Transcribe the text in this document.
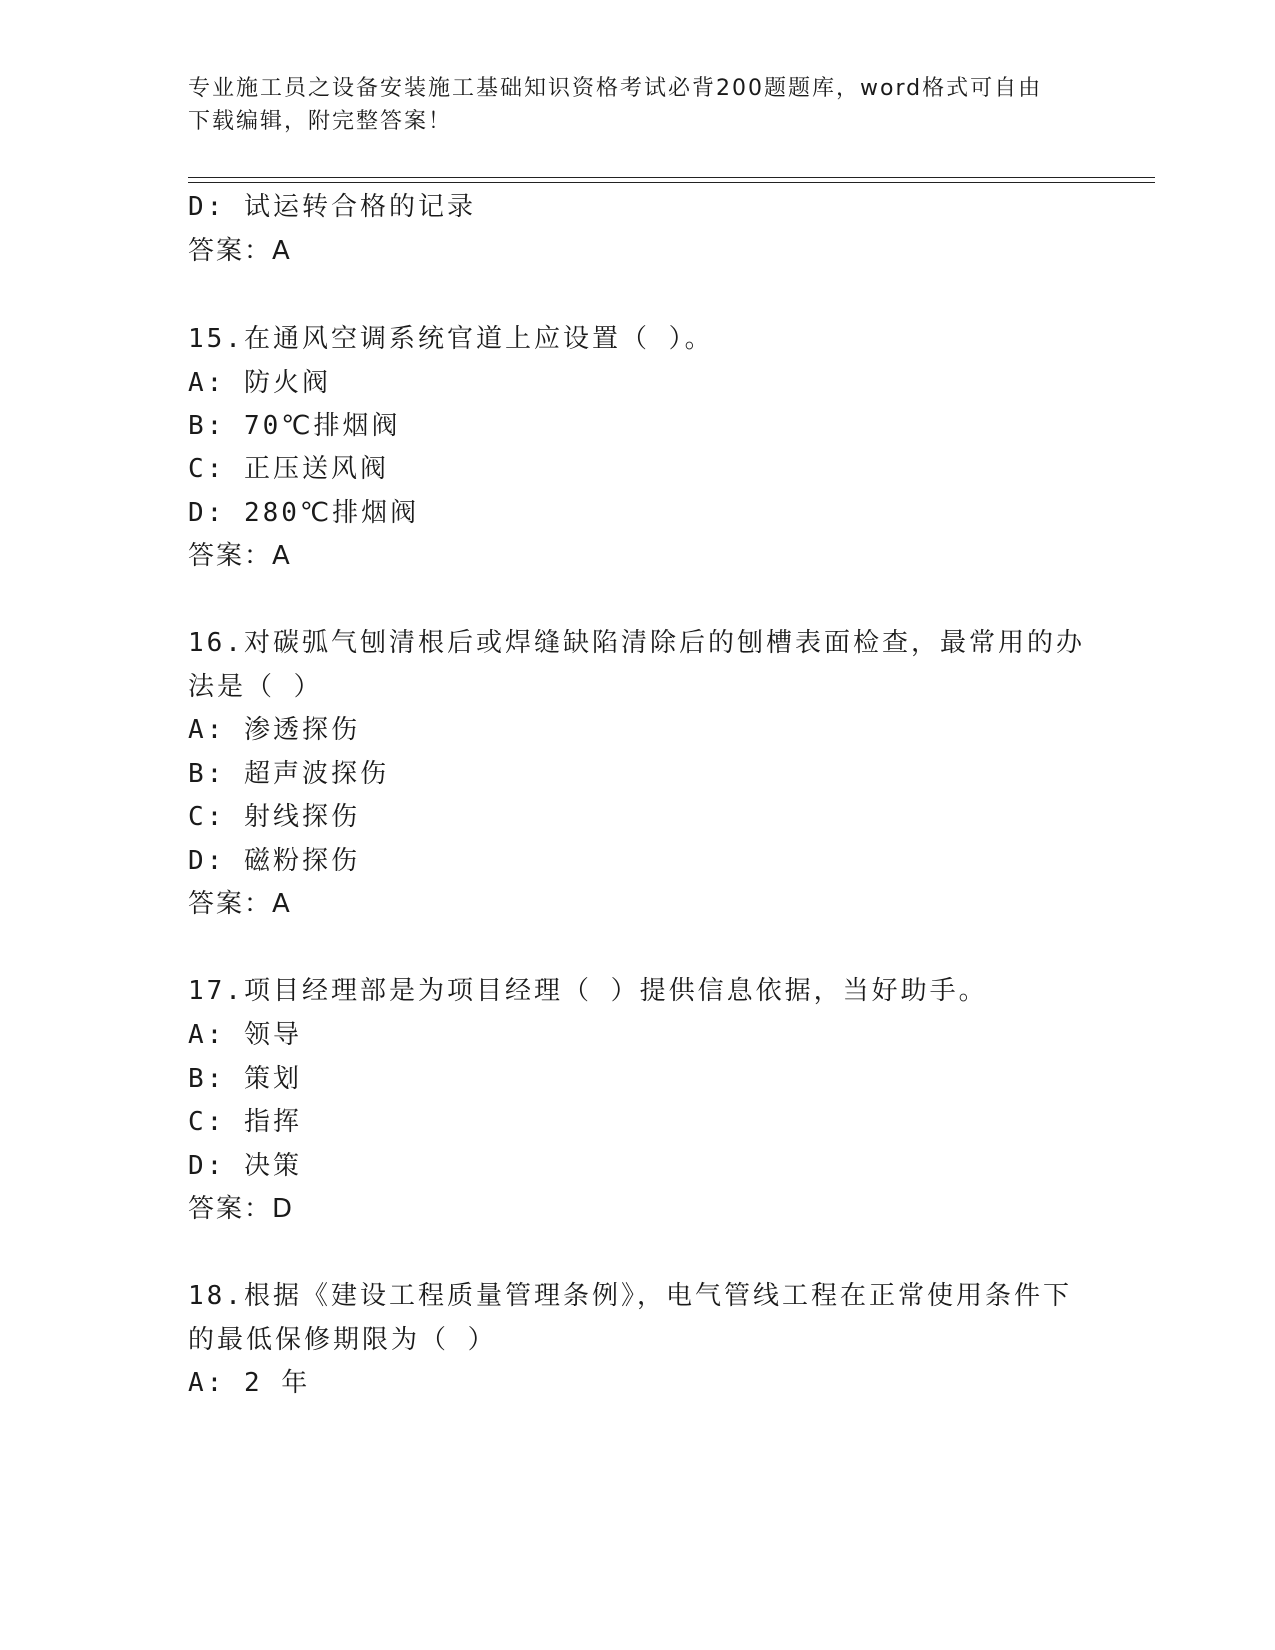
专业施工员之设备安装施工基础知识资格考试必背200题题库，word格式可自由
下载编辑，附完整答案！
D: 试运转合格的记录
答案：A
15.在通风空调系统官道上应设置（ ）。
A: 防火阀
B: 70℃排烟阀
C: 正压送风阀
D: 280℃排烟阀
答案：A
16.对碳弧气刨清根后或焊缝缺陷清除后的刨槽表面检查，最常用的办
法是（ ）
A: 渗透探伤
B: 超声波探伤
C: 射线探伤
D: 磁粉探伤
答案：A
17.项目经理部是为项目经理（ ）提供信息依据，当好助手。
A: 领导
B: 策划
C: 指挥
D: 决策
答案：D
18.根据《建设工程质量管理条例》，电气管线工程在正常使用条件下
的最低保修期限为（ ）
A: 2 年
